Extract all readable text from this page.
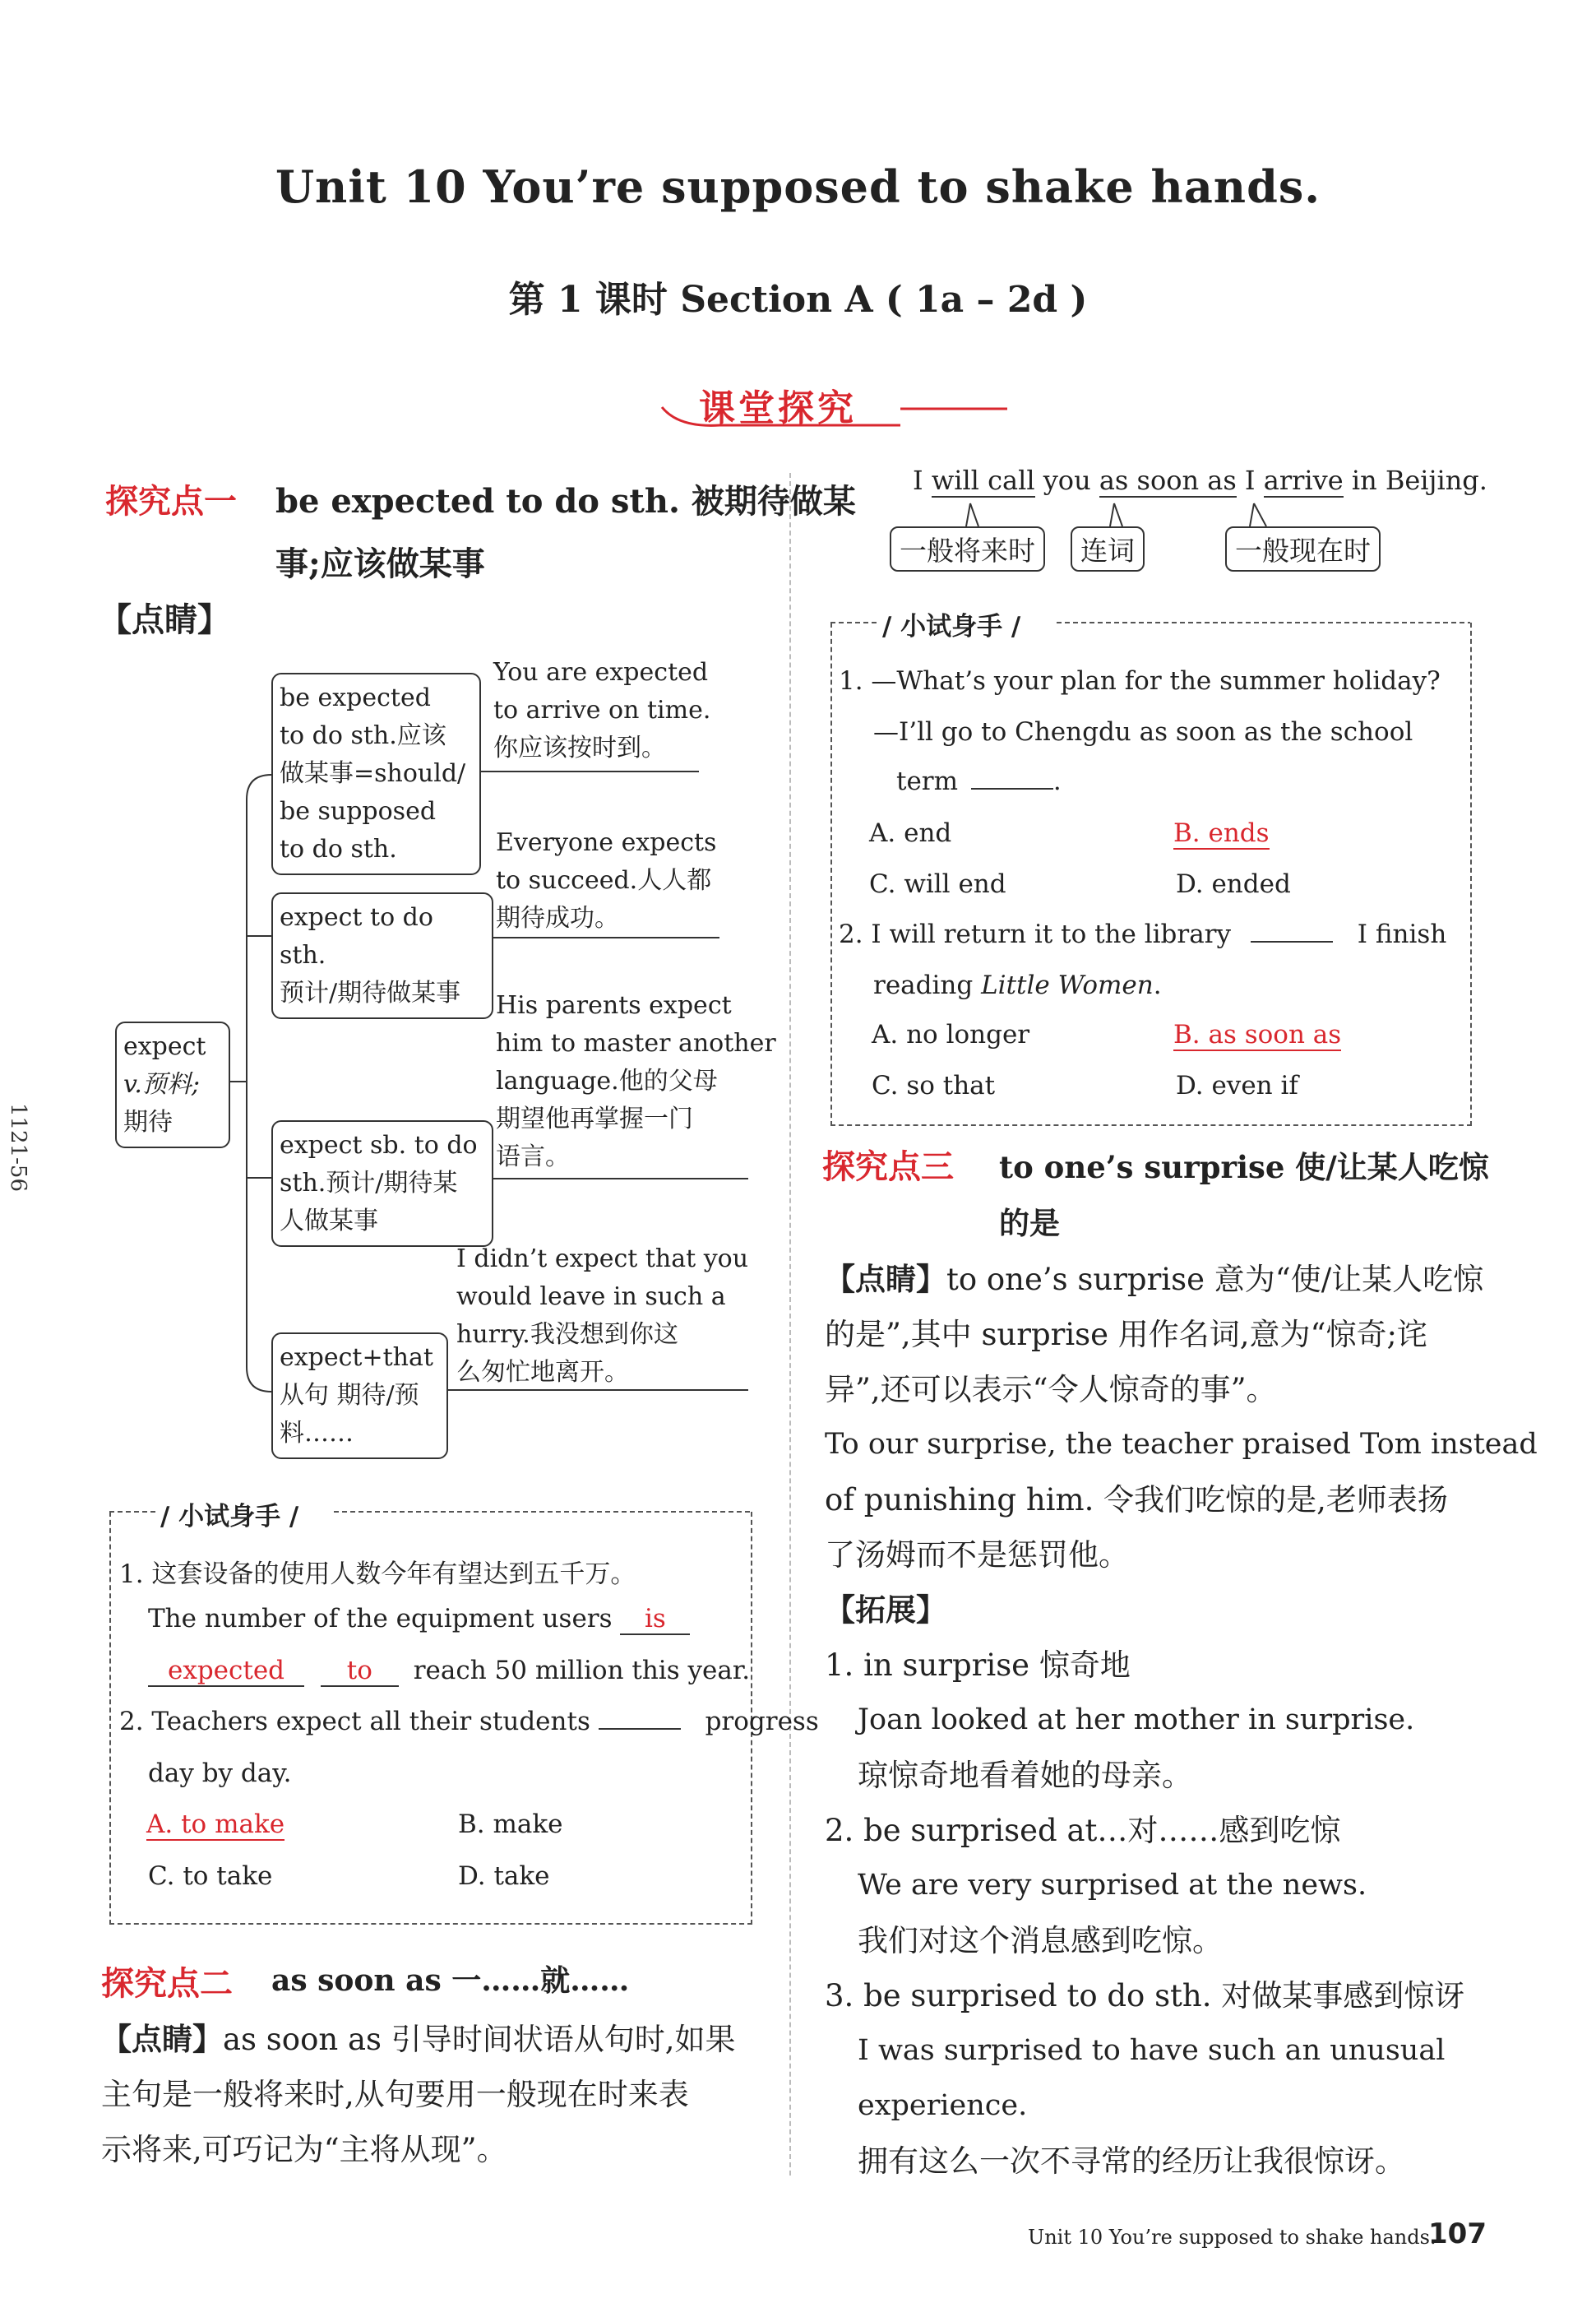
Unit 10 You’re supposed to shake hands.
第 1 课时 Section A ( 1a – 2d )
课堂探究
1121-56
探究点一 be expected to do sth. 被期待做某
事;应该做某事
【点睛】
expect
v.预料;
期待
be expected
to do sth.应该
做某事=should/
be supposed
to do sth.
expect to do sth.
预计/期待做某事
expect sb. to do
sth.预计/期待某
人做某事
expect+that
从句 期待/预
料……
You are expected
to arrive on time.
你应该按时到。
Everyone expects
to succeed.人人都
期待成功。
His parents expect
him to master another
language.他的父母
期望他再掌握一门
语言。
I didn’t expect that you
would leave in such a
hurry.我没想到你这
么匆忙地离开。
/ 小试身手 /
1. 这套设备的使用人数今年有望达到五千万。
The number of the equipment users is
expected to reach 50 million this year.
2. Teachers expect all their students	progress
day by day.
A. to make	B. make
C. to take	D. take
探究点二 as soon as 一……就……
【点睛】as soon as 引导时间状语从句时,如果
主句是一般将来时,从句要用一般现在时来表
示将来,可巧记为“主将从现”。
I will call you as soon as I arrive in Beijing.
一般将来时	连词	一般现在时
/ 小试身手 /
1. —What’s your plan for the summer holiday?
—I’ll go to Chengdu as soon as the school
term	.
A. end	B. ends
C. will end	D. ended
2. I will return it to the library	I finish
reading Little Women.
A. no longer	B. as soon as
C. so that	D. even if
探究点三 to one’s surprise 使/让某人吃惊
的是
【点睛】to one’s surprise 意为“使/让某人吃惊
的是”,其中 surprise 用作名词,意为“惊奇;诧
异”,还可以表示“令人惊奇的事”。
To our surprise, the teacher praised Tom instead
of punishing him. 令我们吃惊的是,老师表扬
了汤姆而不是惩罚他。
【拓展】
1. in surprise 惊奇地
Joan looked at her mother in surprise.
琼惊奇地看着她的母亲。
2. be surprised at…对……感到吃惊
We are very surprised at the news.
我们对这个消息感到吃惊。
3. be surprised to do sth. 对做某事感到惊讶
I was surprised to have such an unusual
experience.
拥有这么一次不寻常的经历让我很惊讶。
Unit 10 You’re supposed to shake hands.
107
